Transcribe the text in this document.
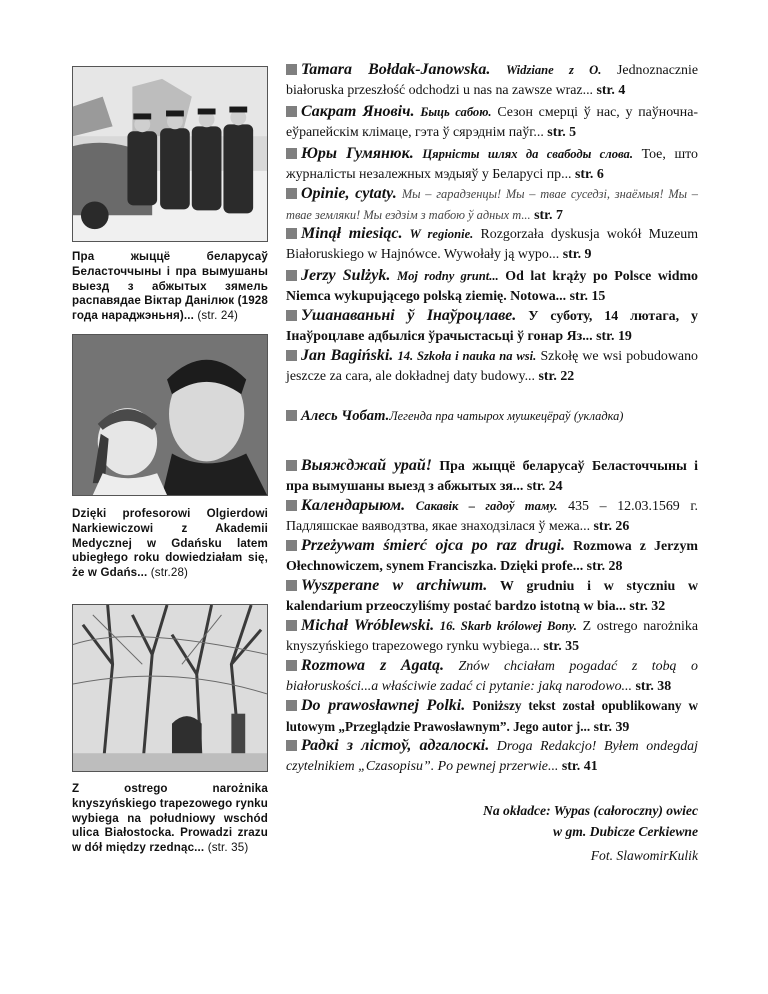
Пра жыццё беларусаў Беласточчыны і пра вымушаны выезд з абжытых зямель распавядае Віктар Данілюк (1928 года нараджэньня)... (str. 24)
Dzięki profesorowi Olgierdowi Narkiewiczowi z Akademii Medycznej w Gdańsku latem ubiegłego roku dowiedziałam się, że w Gdańs... (str.28)
Z ostrego narożnika knyszyńskiego trapezowego rynku wybiega na południowy wschód ulica Białostocka. Prowadzi zrazu w dół między rzednąc... (str. 35)
Tamara Bołdak-Janowska. Widziane z O. Jednoznacznie białoruska przeszłość odchodzi u nas na zawsze wraz... str. 4
Сакрат Яновіч. Быць сабою. Сезон смерці ў нас, у паўночна-еўрапейскім клімаце, гэта ў сярэднім паўг... str. 5
Юры Гумянюк. Цярністы шлях да свабоды слова. Тое, што журналісты незалежных мэдыяў у Беларусі пр... str. 6
Opinie, cytaty. Мы – гарадзенцы! Мы – твае суседзі, знаёмыя! Мы – твае земляки! Мы ездзім з табою ў адных т... str. 7
Minął miesiąc. W regionie. Rozgorzała dyskusja wokół Muzeum Białoruskiego w Hajnówce. Wywołały ją wypo... str. 9
Jerzy Sulżyk. Moj rodny grunt... Od lat krąży po Polsce widmo Niemca wykupującego polską ziemię. Notowa... str. 15
Ушанаваньні ў Інаўроцлаве. У суботу, 14 лютага, у Інаўроцлаве адбыліся ўрачыстасьці ў гонар Яз... str. 19
Jan Bagiński. 14. Szkoła i nauka na wsi. Szkołę we wsi pobudowano jeszcze za cara, ale dokładnej daty budowy... str. 22
Алесь Чобат.Легенда пра чатырох мушкецёраў (укладка)
Выяжджай урай! Пра жыццё беларусаў Беласточчыны і пра вымушаны выезд з абжытых зя... str. 24
Календарыюм. Сакавік – гадоў таму. 435 – 12.03.1569 г. Падляшскае ваяводзтва, якае знаходзілася ў межа... str. 26
Przeżywam śmierć ojca po raz drugi. Rozmowa z Jerzym Ołechnowiczem, synem Franciszka. Dzięki profe... str. 28
Wyszperane w archiwum. W grudniu i w styczniu w kalendarium przeoczyliśmy postać bardzo istotną w bia... str. 32
Michał Wróblewski. 16. Skarb królowej Bony. Z ostrego narożnika knyszyńskiego trapezowego rynku wybiega... str. 35
Rozmowa z Agatą. Znów chciałam pogadać z tobą o białoruskości...a właściwie zadać ci pytanie: jaką narodowo... str. 38
Do prawosławnej Polki. Poniższy tekst został opublikowany w lutowym „Przeglądzie Prawosławnym”. Jego autor j... str. 39
Радкі з лістоў, адгалоскі. Droga Redakcjo! Byłem ondegdaj czytelnikiem „Czasopisu”. Po pewnej przerwie... str. 41
Na okładce: Wypas (całoroczny) owiec
w gm. Dubicze Cerkiewne
Fot. SlawomirKulik
